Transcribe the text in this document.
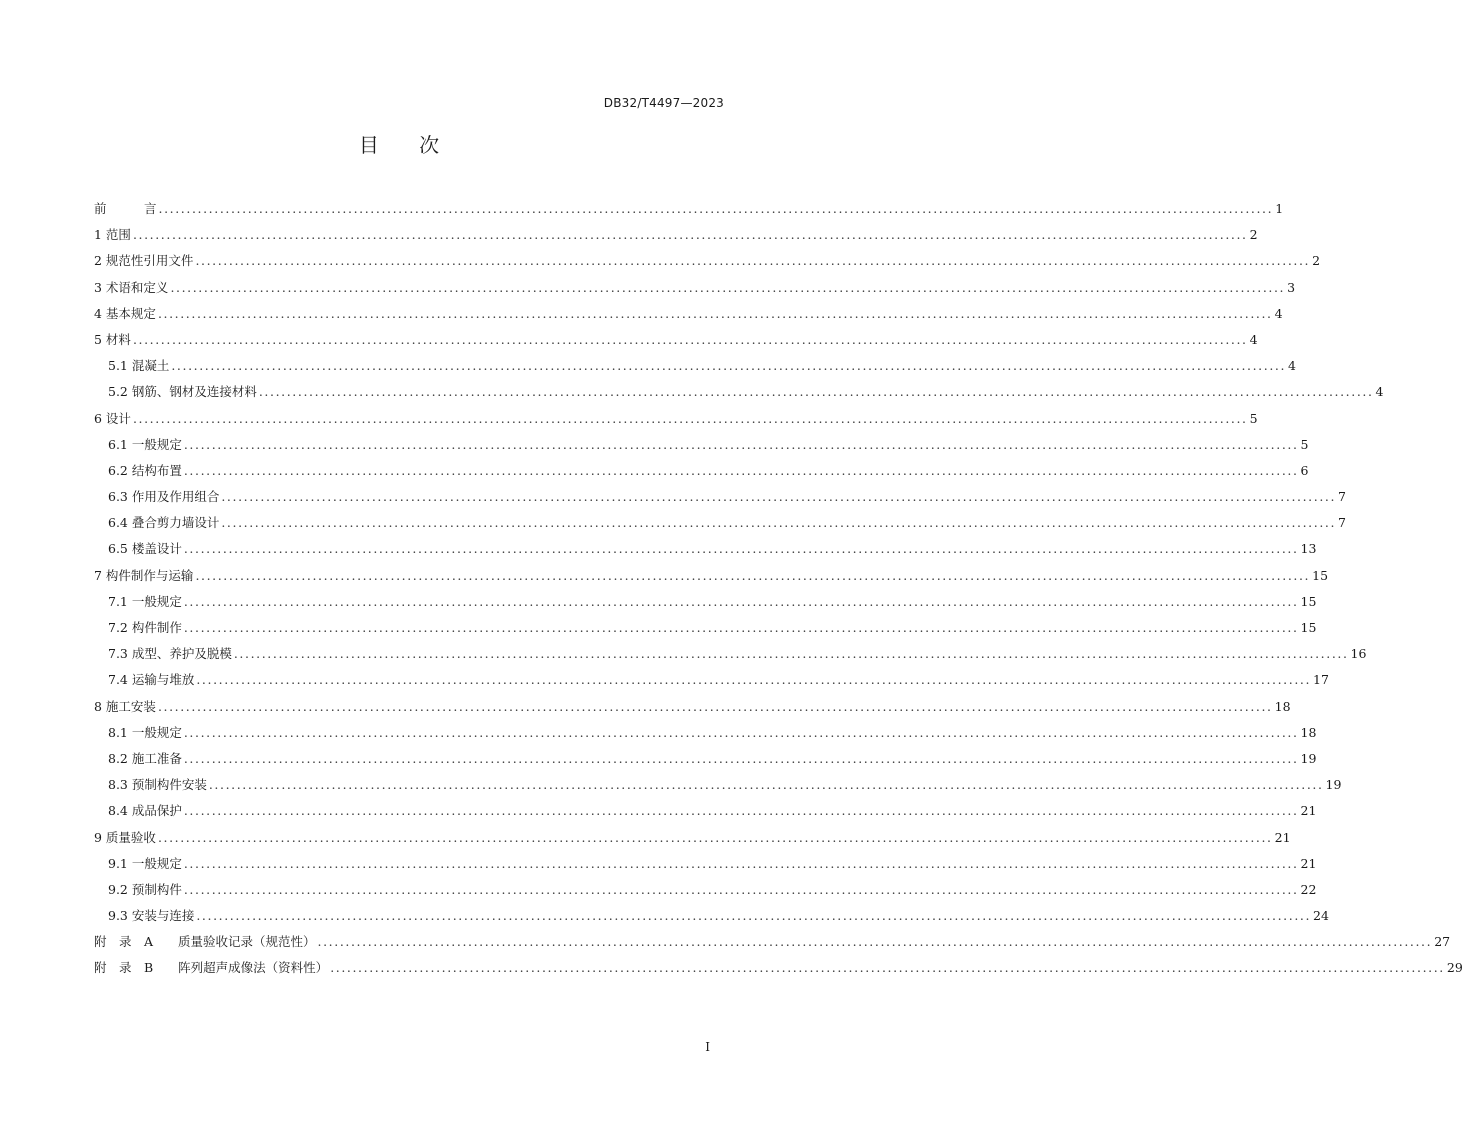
DB32/T4497—2023
目 次
前　　　言 ........................................................................................................................................................................................................ 1
1 范围 ........................................................................................................................................................................................................ 2
2 规范性引用文件 ........................................................................................................................................................................................................ 2
3 术语和定义 ........................................................................................................................................................................................................ 3
4 基本规定 ........................................................................................................................................................................................................ 4
5 材料 ........................................................................................................................................................................................................ 4
5.1 混凝土 ........................................................................................................................................................................................................ 4
5.2 钢筋、钢材及连接材料 ........................................................................................................................................................................................................ 4
6 设计 ........................................................................................................................................................................................................ 5
6.1 一般规定 ........................................................................................................................................................................................................ 5
6.2 结构布置 ........................................................................................................................................................................................................ 6
6.3 作用及作用组合 ........................................................................................................................................................................................................ 7
6.4 叠合剪力墙设计 ........................................................................................................................................................................................................ 7
6.5 楼盖设计 ........................................................................................................................................................................................................ 13
7 构件制作与运输 ........................................................................................................................................................................................................ 15
7.1 一般规定 ........................................................................................................................................................................................................ 15
7.2 构件制作 ........................................................................................................................................................................................................ 15
7.3 成型、养护及脱模 ........................................................................................................................................................................................................ 16
7.4 运输与堆放 ........................................................................................................................................................................................................ 17
8 施工安装 ........................................................................................................................................................................................................ 18
8.1 一般规定 ........................................................................................................................................................................................................ 18
8.2 施工准备 ........................................................................................................................................................................................................ 19
8.3 预制构件安装 ........................................................................................................................................................................................................ 19
8.4 成品保护 ........................................................................................................................................................................................................ 21
9 质量验收 ........................................................................................................................................................................................................ 21
9.1 一般规定 ........................................................................................................................................................................................................ 21
9.2 预制构件 ........................................................................................................................................................................................................ 22
9.3 安装与连接 ........................................................................................................................................................................................................ 24
附　录　A　　质量验收记录（规范性） ........................................................................................................................................................................................................ 27
附　录　B　　阵列超声成像法（资料性） ........................................................................................................................................................................................................ 29
I
